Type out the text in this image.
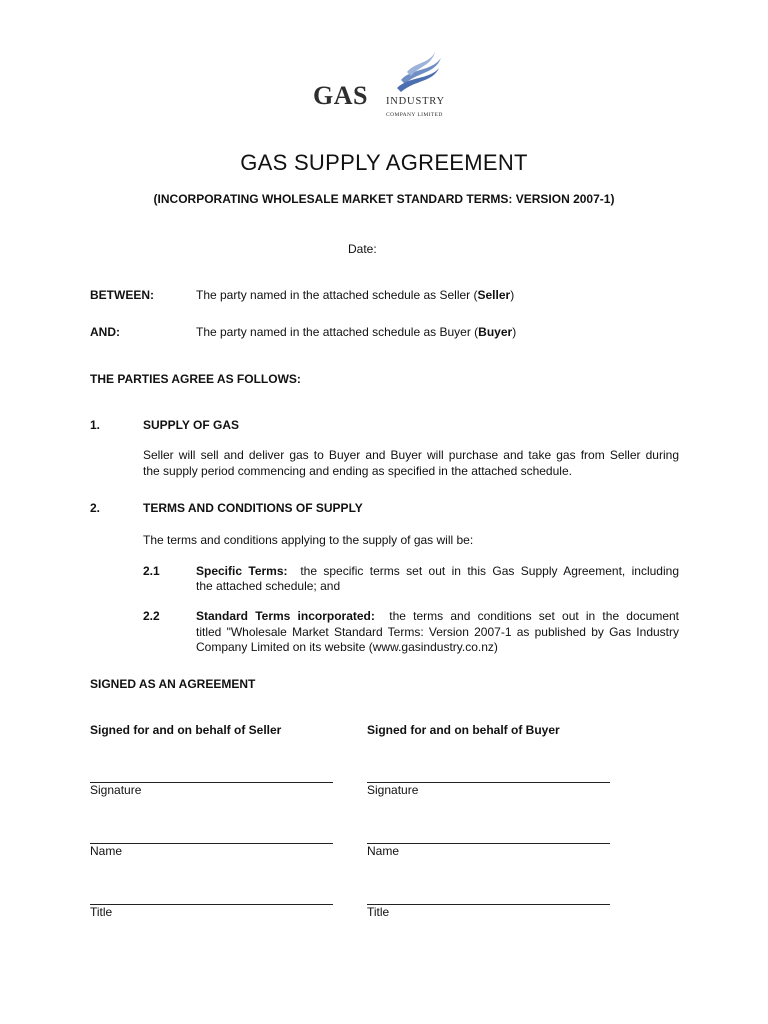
GAS INDUSTRY
COMPANY LIMITED
GAS SUPPLY AGREEMENT
(INCORPORATING WHOLESALE MARKET STANDARD TERMS: VERSION 2007-1)
Date:
BETWEEN:	The party named in the attached schedule as Seller (Seller)
AND:	The party named in the attached schedule as Buyer (Buyer)
THE PARTIES AGREE AS FOLLOWS:
1.	SUPPLY OF GAS
Seller will sell and deliver gas to Buyer and Buyer will purchase and take gas from Seller during
the supply period commencing and ending as specified in the attached schedule.
2.	TERMS AND CONDITIONS OF SUPPLY
The terms and conditions applying to the supply of gas will be:
2.1	Specific Terms: the specific terms set out in this Gas Supply Agreement, including
the attached schedule; and
2.2	Standard Terms incorporated: the terms and conditions set out in the document
titled "Wholesale Market Standard Terms: Version 2007-1 as published by Gas Industry
Company Limited on its website (www.gasindustry.co.nz)
SIGNED AS AN AGREEMENT
Signed for and on behalf of Seller	Signed for and on behalf of Buyer
Signature	Signature
Name	Name
Title	Title
